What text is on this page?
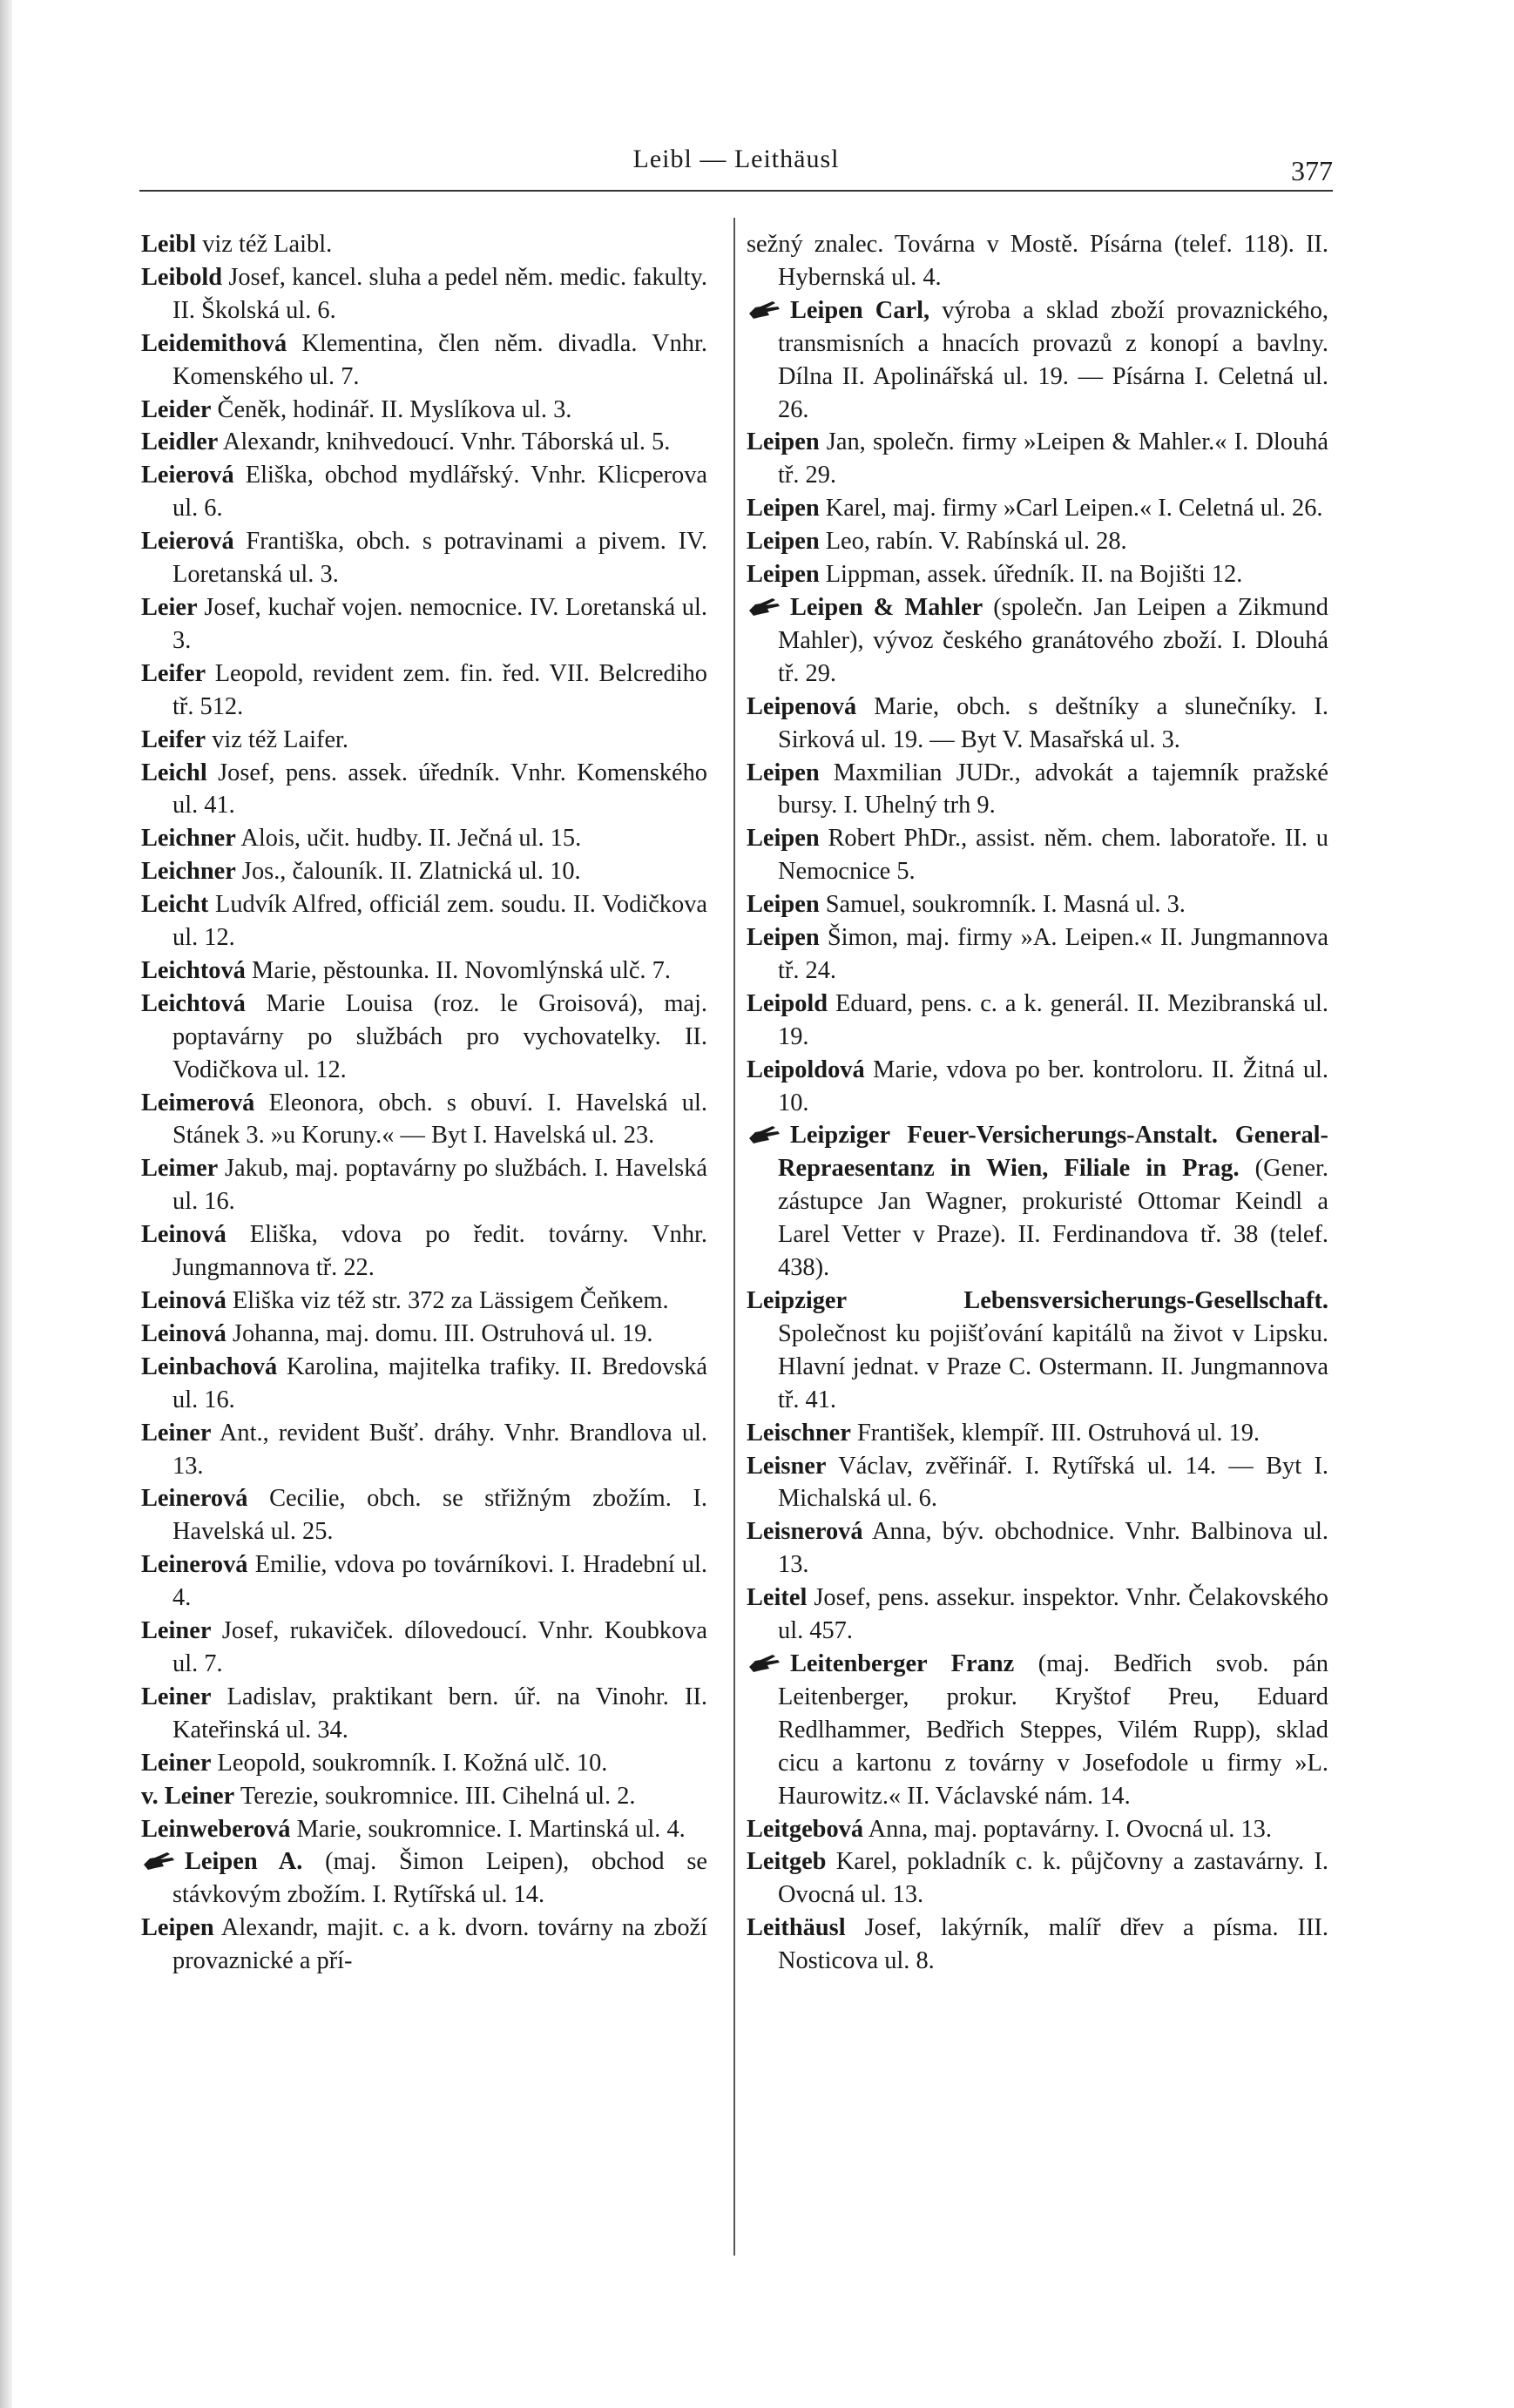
Leibl — Leithäusl	377

Leibl viz též Laibl.

Leibold Josef, kancel. sluha a pedel něm. medic. fakulty. II. Školská ul. 6.

Leidemithová Klementina, člen něm. divadla. Vnhr. Komenského ul. 7.

Leider Čeněk, hodinář. II. Myslíkova ul. 3.

Leidler Alexandr, knihvedoucí. Vnhr. Táborská ul. 5.

Leierová Eliška, obchod mydlářský. Vnhr. Klicperova ul. 6.

Leierová Františka, obch. s potravinami a pivem. IV. Loretanská ul. 3.

Leier Josef, kuchař vojen. nemocnice. IV. Loretanská ul. 3.

Leifer Leopold, revident zem. fin. řed. VII. Belcrediho tř. 512.

Leifer viz též Laifer.

Leichl Josef, pens. assek. úředník. Vnhr. Komenského ul. 41.

Leichner Alois, učit. hudby. II. Ječná ul. 15.

Leichner Jos., čalouník. II. Zlatnická ul. 10.

Leicht Ludvík Alfred, officiál zem. soudu. II. Vodičkova ul. 12.

Leichtová Marie, pěstounka. II. Novomlýnská ulč. 7.

Leichtová Marie Louisa (roz. le Groisová), maj. poptavárny po službách pro vychovatelky. II. Vodičkova ul. 12.

Leimerová Eleonora, obch. s obuví. I. Havelská ul. Stánek 3. »u Koruny.« — Byt I. Havelská ul. 23.

Leimer Jakub, maj. poptavárny po službách. I. Havelská ul. 16.

Leinová Eliška, vdova po ředit. továrny. Vnhr. Jungmannova tř. 22.

Leinová Eliška viz též str. 372 za Lässigem Čeňkem.

Leinová Johanna, maj. domu. III. Ostruhová ul. 19.

Leinbachová Karolina, majitelka trafiky. II. Bredovská ul. 16.

Leiner Ant., revident Bušť. dráhy. Vnhr. Brandlova ul. 13.

Leinerová Cecilie, obch. se střižným zbožím. I. Havelská ul. 25.

Leinerová Emilie, vdova po továrníkovi. I. Hradební ul. 4.

Leiner Josef, rukaviček. dílovedoucí. Vnhr. Koubkova ul. 7.

Leiner Ladislav, praktikant bern. úř. na Vinohr. II. Kateřinská ul. 34.

Leiner Leopold, soukromník. I. Kožná ulč. 10.

v. Leiner Terezie, soukromnice. III. Cihelná ul. 2.

Leinweberová Marie, soukromnice. I. Martinská ul. 4.

Leipen A. (maj. Šimon Leipen), obchod se stávkovým zbožím. I. Rytířská ul. 14.

Leipen Alexandr, majit. c. a k. dvorn. továrny na zboží provaznické a pří-

sežný znalec. Továrna v Mostě. Písárna (telef. 118). II. Hybernská ul. 4.

Leipen Carl, výroba a sklad zboží provaznického, transmisních a hnacích provazů z konopí a bavlny. Dílna II. Apolinářská ul. 19. — Písárna I. Celetná ul. 26.

Leipen Jan, společn. firmy »Leipen & Mahler.« I. Dlouhá tř. 29.

Leipen Karel, maj. firmy »Carl Leipen.« I. Celetná ul. 26.

Leipen Leo, rabín. V. Rabínská ul. 28.

Leipen Lippman, assek. úředník. II. na Bojišti 12.

Leipen & Mahler (společn. Jan Leipen a Zikmund Mahler), vývoz českého granátového zboží. I. Dlouhá tř. 29.

Leipenová Marie, obch. s deštníky a slunečníky. I. Sirková ul. 19. — Byt V. Masařská ul. 3.

Leipen Maxmilian JUDr., advokát a tajemník pražské bursy. I. Uhelný trh 9.

Leipen Robert PhDr., assist. něm. chem. laboratoře. II. u Nemocnice 5.

Leipen Samuel, soukromník. I. Masná ul. 3.

Leipen Šimon, maj. firmy »A. Leipen.« II. Jungmannova tř. 24.

Leipold Eduard, pens. c. a k. generál. II. Mezibranská ul. 19.

Leipoldová Marie, vdova po ber. kontroloru. II. Žitná ul. 10.

Leipziger Feuer-Versicherungs-Anstalt. General-Repraesentanz in Wien, Filiale in Prag. (Gener. zástupce Jan Wagner, prokuristé Ottomar Keindl a Larel Vetter v Praze). II. Ferdinandova tř. 38 (telef. 438).

Leipziger Lebensversicherungs-Gesellschaft. Společnost ku pojišťování kapitálů na život v Lipsku. Hlavní jednat. v Praze C. Ostermann. II. Jungmannova tř. 41.

Leischner František, klempíř. III. Ostruhová ul. 19.

Leisner Václav, zvěřinář. I. Rytířská ul. 14. — Byt I. Michalská ul. 6.

Leisnerová Anna, býv. obchodnice. Vnhr. Balbinova ul. 13.

Leitel Josef, pens. assekur. inspektor. Vnhr. Čelakovského ul. 457.

Leitenberger Franz (maj. Bedřich svob. pán Leitenberger, prokur. Kryštof Preu, Eduard Redlhammer, Bedřich Steppes, Vilém Rupp), sklad cicu a kartonu z továrny v Josefodole u firmy »L. Haurowitz.« II. Václavské nám. 14.

Leitgebová Anna, maj. poptavárny. I. Ovocná ul. 13.

Leitgeb Karel, pokladník c. k. půjčovny a zastavárny. I. Ovocná ul. 13.

Leithäusl Josef, lakýrník, malíř dřev a písma. III. Nosticova ul. 8.
